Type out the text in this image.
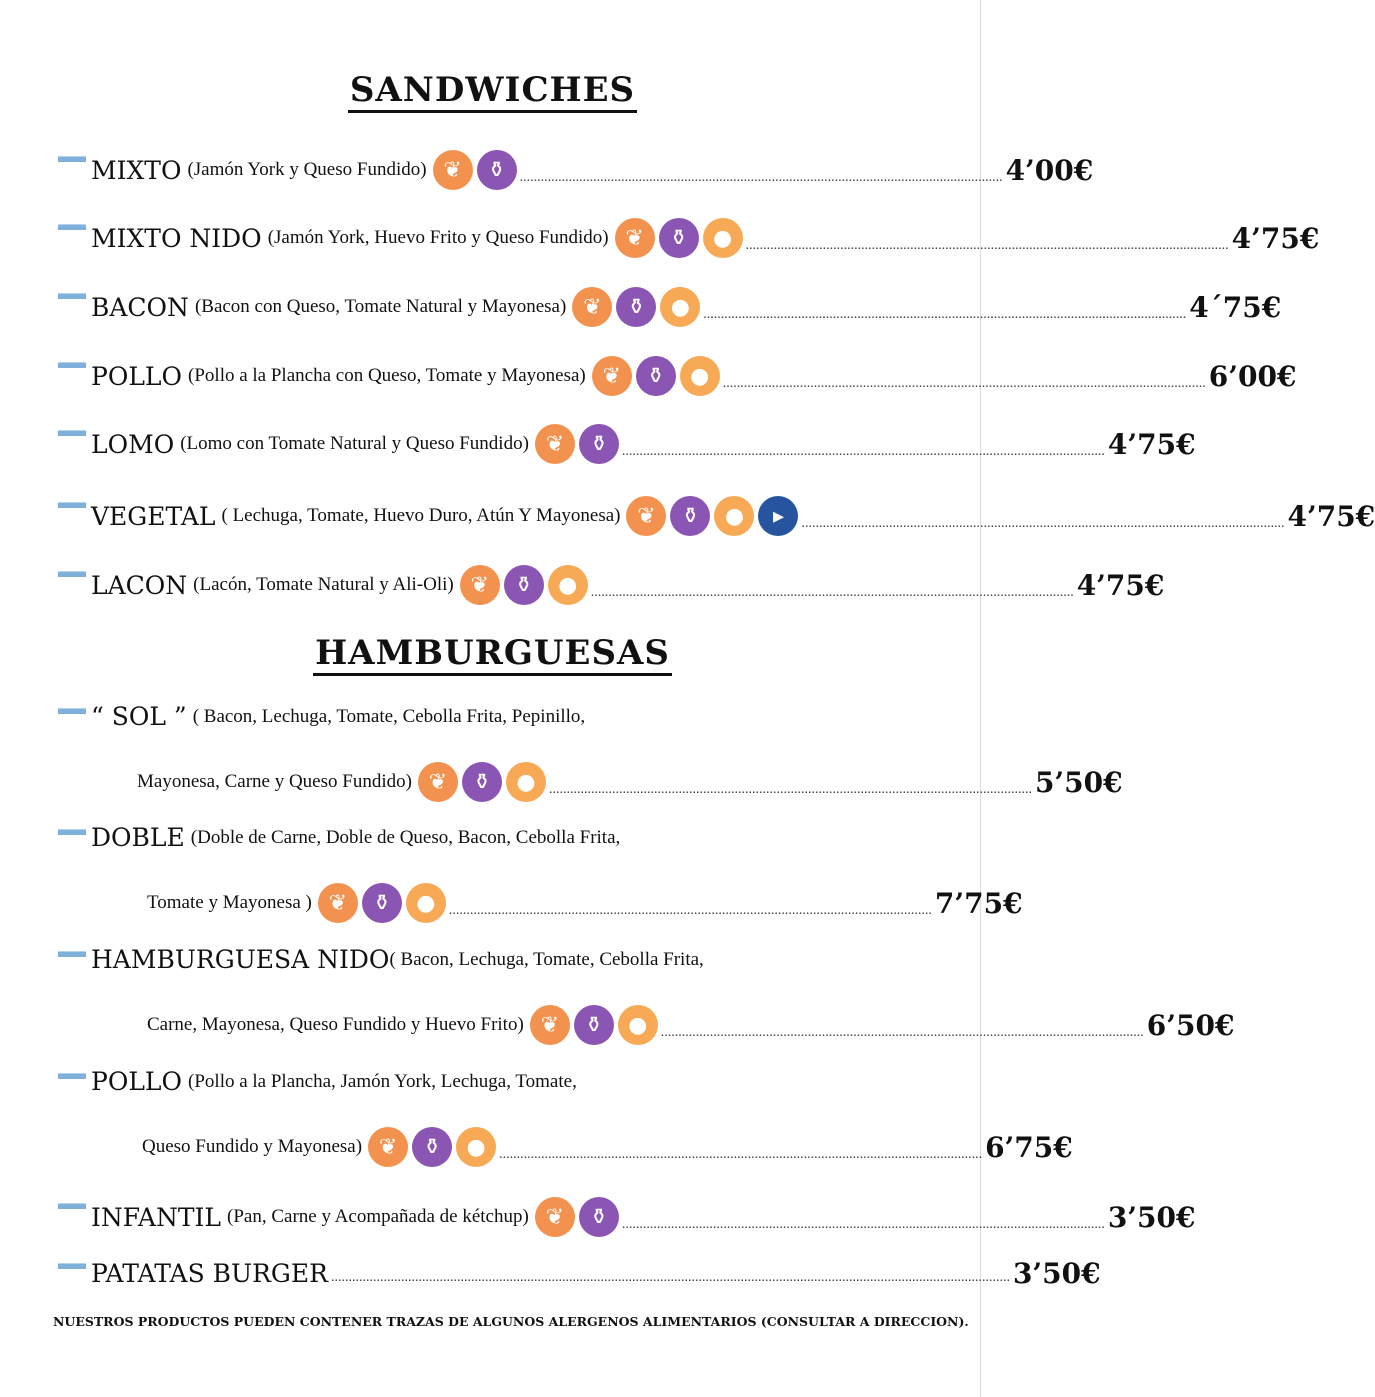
SANDWICHES
MIXTO (Jamón York y Queso Fundido) ❦	⚱ .......................................................................................................................................... 4’00€
MIXTO NIDO (Jamón York, Huevo Frito y Queso Fundido) ❦	⚱	● .......................................................................................................................................... 4’75€
BACON (Bacon con Queso, Tomate Natural y Mayonesa) ❦	⚱	● .......................................................................................................................................... 4´75€
POLLO (Pollo a la Plancha con Queso, Tomate y Mayonesa) ❦	⚱	● .......................................................................................................................................... 6’00€
LOMO (Lomo con Tomate Natural y Queso Fundido) ❦	⚱ .......................................................................................................................................... 4’75€
VEGETAL ( Lechuga, Tomate, Huevo Duro, Atún Y Mayonesa) ❦	⚱	●	▸	.......................................................................................................................................... 4’75€
LACON (Lacón, Tomate Natural y Ali-Oli) ❦	⚱	● .......................................................................................................................................... 4’75€
HAMBURGUESAS
“ SOL ” ( Bacon, Lechuga, Tomate, Cebolla Frita, Pepinillo,
Mayonesa, Carne y Queso Fundido) ❦	⚱	● .......................................................................................................................................... 5’50€
DOBLE (Doble de Carne, Doble de Queso, Bacon, Cebolla Frita,
Tomate y Mayonesa ) ❦	⚱	● .......................................................................................................................................... 7’75€
HAMBURGUESA NIDO ( Bacon, Lechuga, Tomate, Cebolla Frita,
Carne, Mayonesa, Queso Fundido y Huevo Frito) ❦	⚱	● .......................................................................................................................................... 6’50€
POLLO (Pollo a la Plancha, Jamón York, Lechuga, Tomate,
Queso Fundido y Mayonesa) ❦	⚱	● .......................................................................................................................................... 6’75€
INFANTIL (Pan, Carne y Acompañada de kétchup) ❦	⚱ .......................................................................................................................................... 3’50€
PATATAS BURGER .................................................................................................................................................................................................. 3’50€
NUESTROS PRODUCTOS PUEDEN CONTENER TRAZAS DE ALGUNOS ALERGENOS ALIMENTARIOS (CONSULTAR A DIRECCION).
